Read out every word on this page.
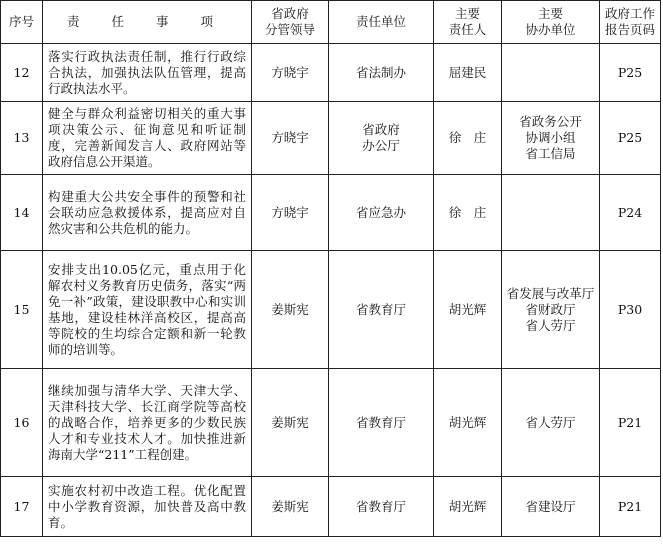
序号	责 任 事 项	省政府
分管领导	责任单位	主要
责任人	主要
协办单位	政府工作
报告页码

12	落实行政执法责任制，推行行政综合执法，加强执法队伍管理，提高行政执法水平。	方晓宇	省法制办	屈建民		P25
13	健全与群众利益密切相关的重大事项决策公示、征询意见和听证制度，完善新闻发言人、政府网站等政府信息公开渠道。	方晓宇	省政府
办公厅	徐　庄	省政务公开
协调小组
省工信局	P25
14	构建重大公共安全事件的预警和社会联动应急救援体系，提高应对自然灾害和公共危机的能力。	方晓宇	省应急办	徐　庄		P24
15	安排支出10.05亿元，重点用于化解农村义务教育历史债务，落实“两免一补”政策，建设职教中心和实训基地，建设桂林洋高校区，提高高等院校的生均综合定额和新一轮教师的培训等。	姜斯宪	省教育厅	胡光辉	省发展与改革厅
省财政厅
省人劳厅	P30
16	继续加强与清华大学、天津大学、天津科技大学、长江商学院等高校的战略合作，培养更多的少数民族人才和专业技术人才。加快推进新海南大学“211”工程创建。	姜斯宪	省教育厅	胡光辉	省人劳厅	P21
17	实施农村初中改造工程。优化配置中小学教育资源，加快普及高中教育。	姜斯宪	省教育厅	胡光辉	省建设厅	P21
